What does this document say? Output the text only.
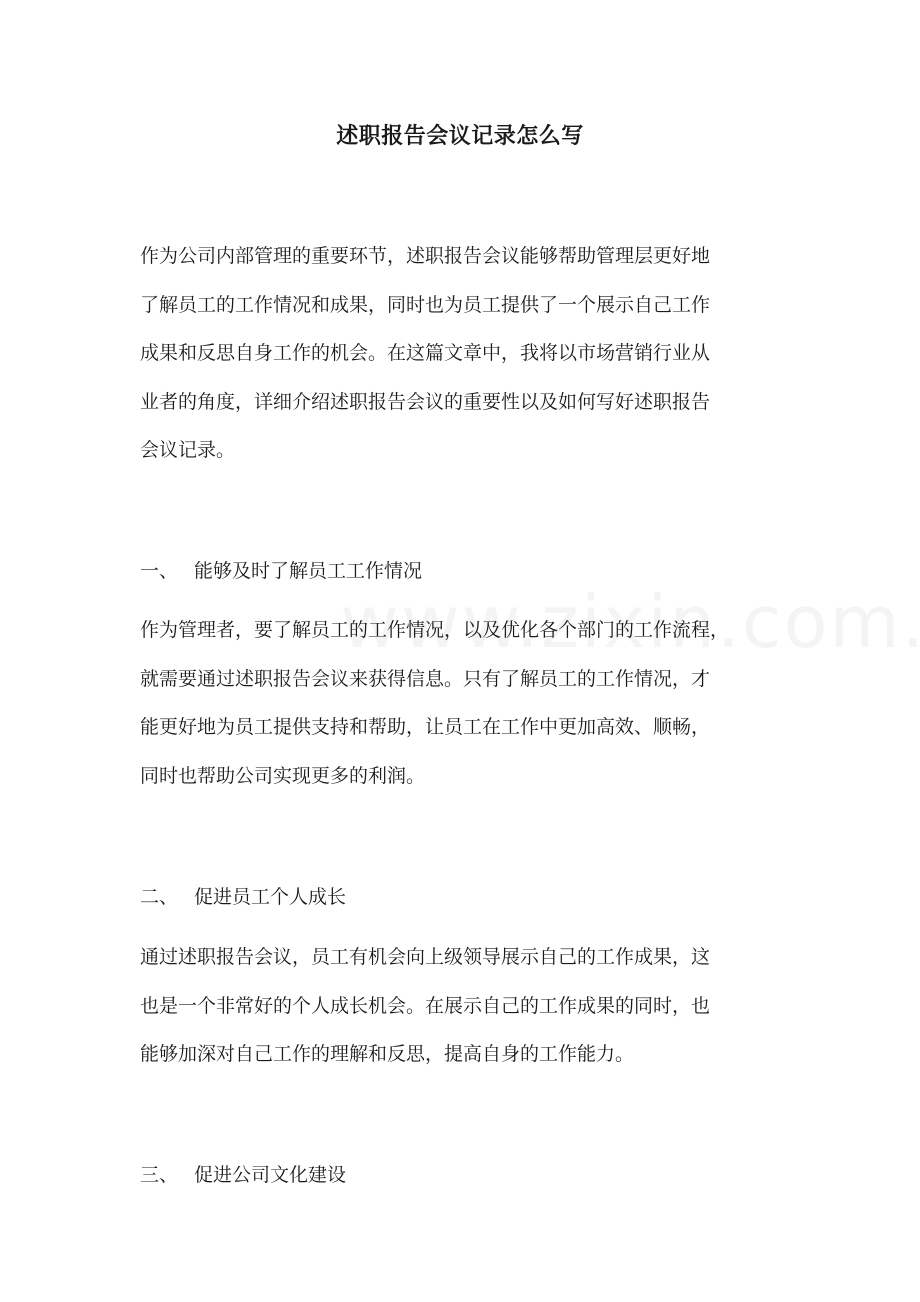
述职报告会议记录怎么写
作为公司内部管理的重要环节，述职报告会议能够帮助管理层更好地
了解员工的工作情况和成果，同时也为员工提供了一个展示自己工作
成果和反思自身工作的机会。在这篇文章中，我将以市场营销行业从
业者的角度，详细介绍述职报告会议的重要性以及如何写好述职报告
会议记录。
一、 能够及时了解员工工作情况
作为管理者，要了解员工的工作情况，以及优化各个部门的工作流程，
就需要通过述职报告会议来获得信息。只有了解员工的工作情况，才
能更好地为员工提供支持和帮助，让员工在工作中更加高效、顺畅，
同时也帮助公司实现更多的利润。
二、 促进员工个人成长
通过述职报告会议，员工有机会向上级领导展示自己的工作成果，这
也是一个非常好的个人成长机会。在展示自己的工作成果的同时，也
能够加深对自己工作的理解和反思，提高自身的工作能力。
三、 促进公司文化建设
